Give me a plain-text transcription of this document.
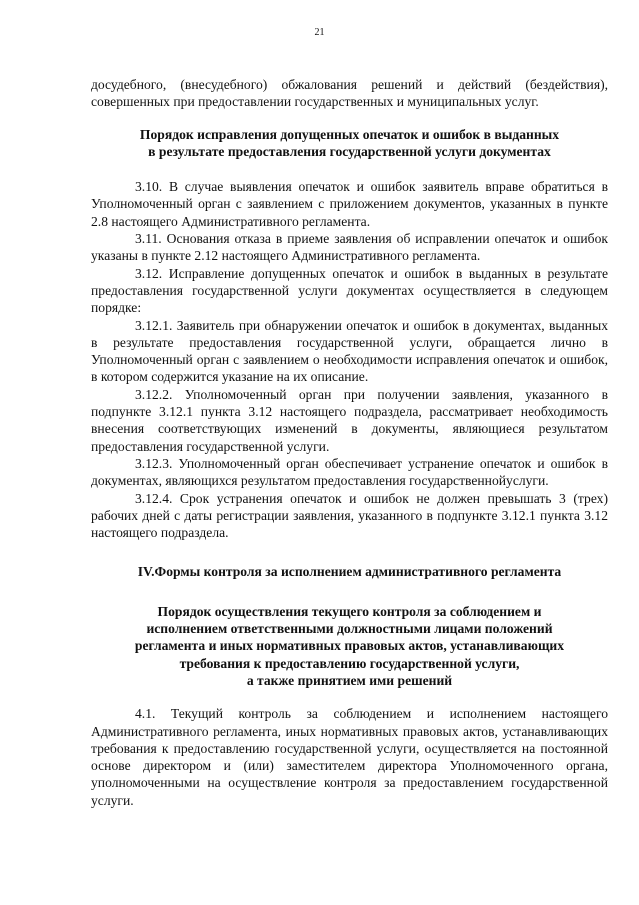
21

досудебного, (внесудебного) обжалования решений и действий (бездействия), совершенных при предоставлении государственных и муниципальных услуг.

Порядок исправления допущенных опечаток и ошибок в выданных
в результате предоставления государственной услуги документах

3.10. В случае выявления опечаток и ошибок заявитель вправе обратиться в Уполномоченный орган с заявлением с приложением документов, указанных в пункте 2.8 настоящего Административного регламента.

3.11. Основания отказа в приеме заявления об исправлении опечаток и ошибок указаны в пункте 2.12 настоящего Административного регламента.

3.12. Исправление допущенных опечаток и ошибок в выданных в результате предоставления государственной услуги документах осуществляется в следующем порядке:

3.12.1. Заявитель при обнаружении опечаток и ошибок в документах, выданных в результате предоставления государственной услуги, обращается лично в Уполномоченный орган с заявлением о необходимости исправления опечаток и ошибок, в котором содержится указание на их описание.

3.12.2. Уполномоченный орган при получении заявления, указанного в подпункте 3.12.1 пункта 3.12 настоящего подраздела, рассматривает необходимость внесения соответствующих изменений в документы, являющиеся результатом предоставления государственной услуги.

3.12.3. Уполномоченный орган обеспечивает устранение опечаток и ошибок в документах, являющихся результатом предоставления государственнойуслуги.

3.12.4. Срок устранения опечаток и ошибок не должен превышать 3 (трех) рабочих дней с даты регистрации заявления, указанного в подпункте 3.12.1 пункта 3.12 настоящего подраздела.

IV.Формы контроля за исполнением административного регламента
Порядок осуществления текущего контроля за соблюдением и
исполнением ответственными должностными лицами положений
регламента и иных нормативных правовых актов, устанавливающих
требования к предоставлению государственной услуги,
а также принятием ими решений

4.1. Текущий контроль за соблюдением и исполнением настоящего Административного регламента, иных нормативных правовых актов, устанавливающих требования к предоставлению государственной услуги, осуществляется на постоянной основе директором и (или) заместителем директора Уполномоченного органа, уполномоченными на осуществление контроля за предоставлением государственной услуги.
